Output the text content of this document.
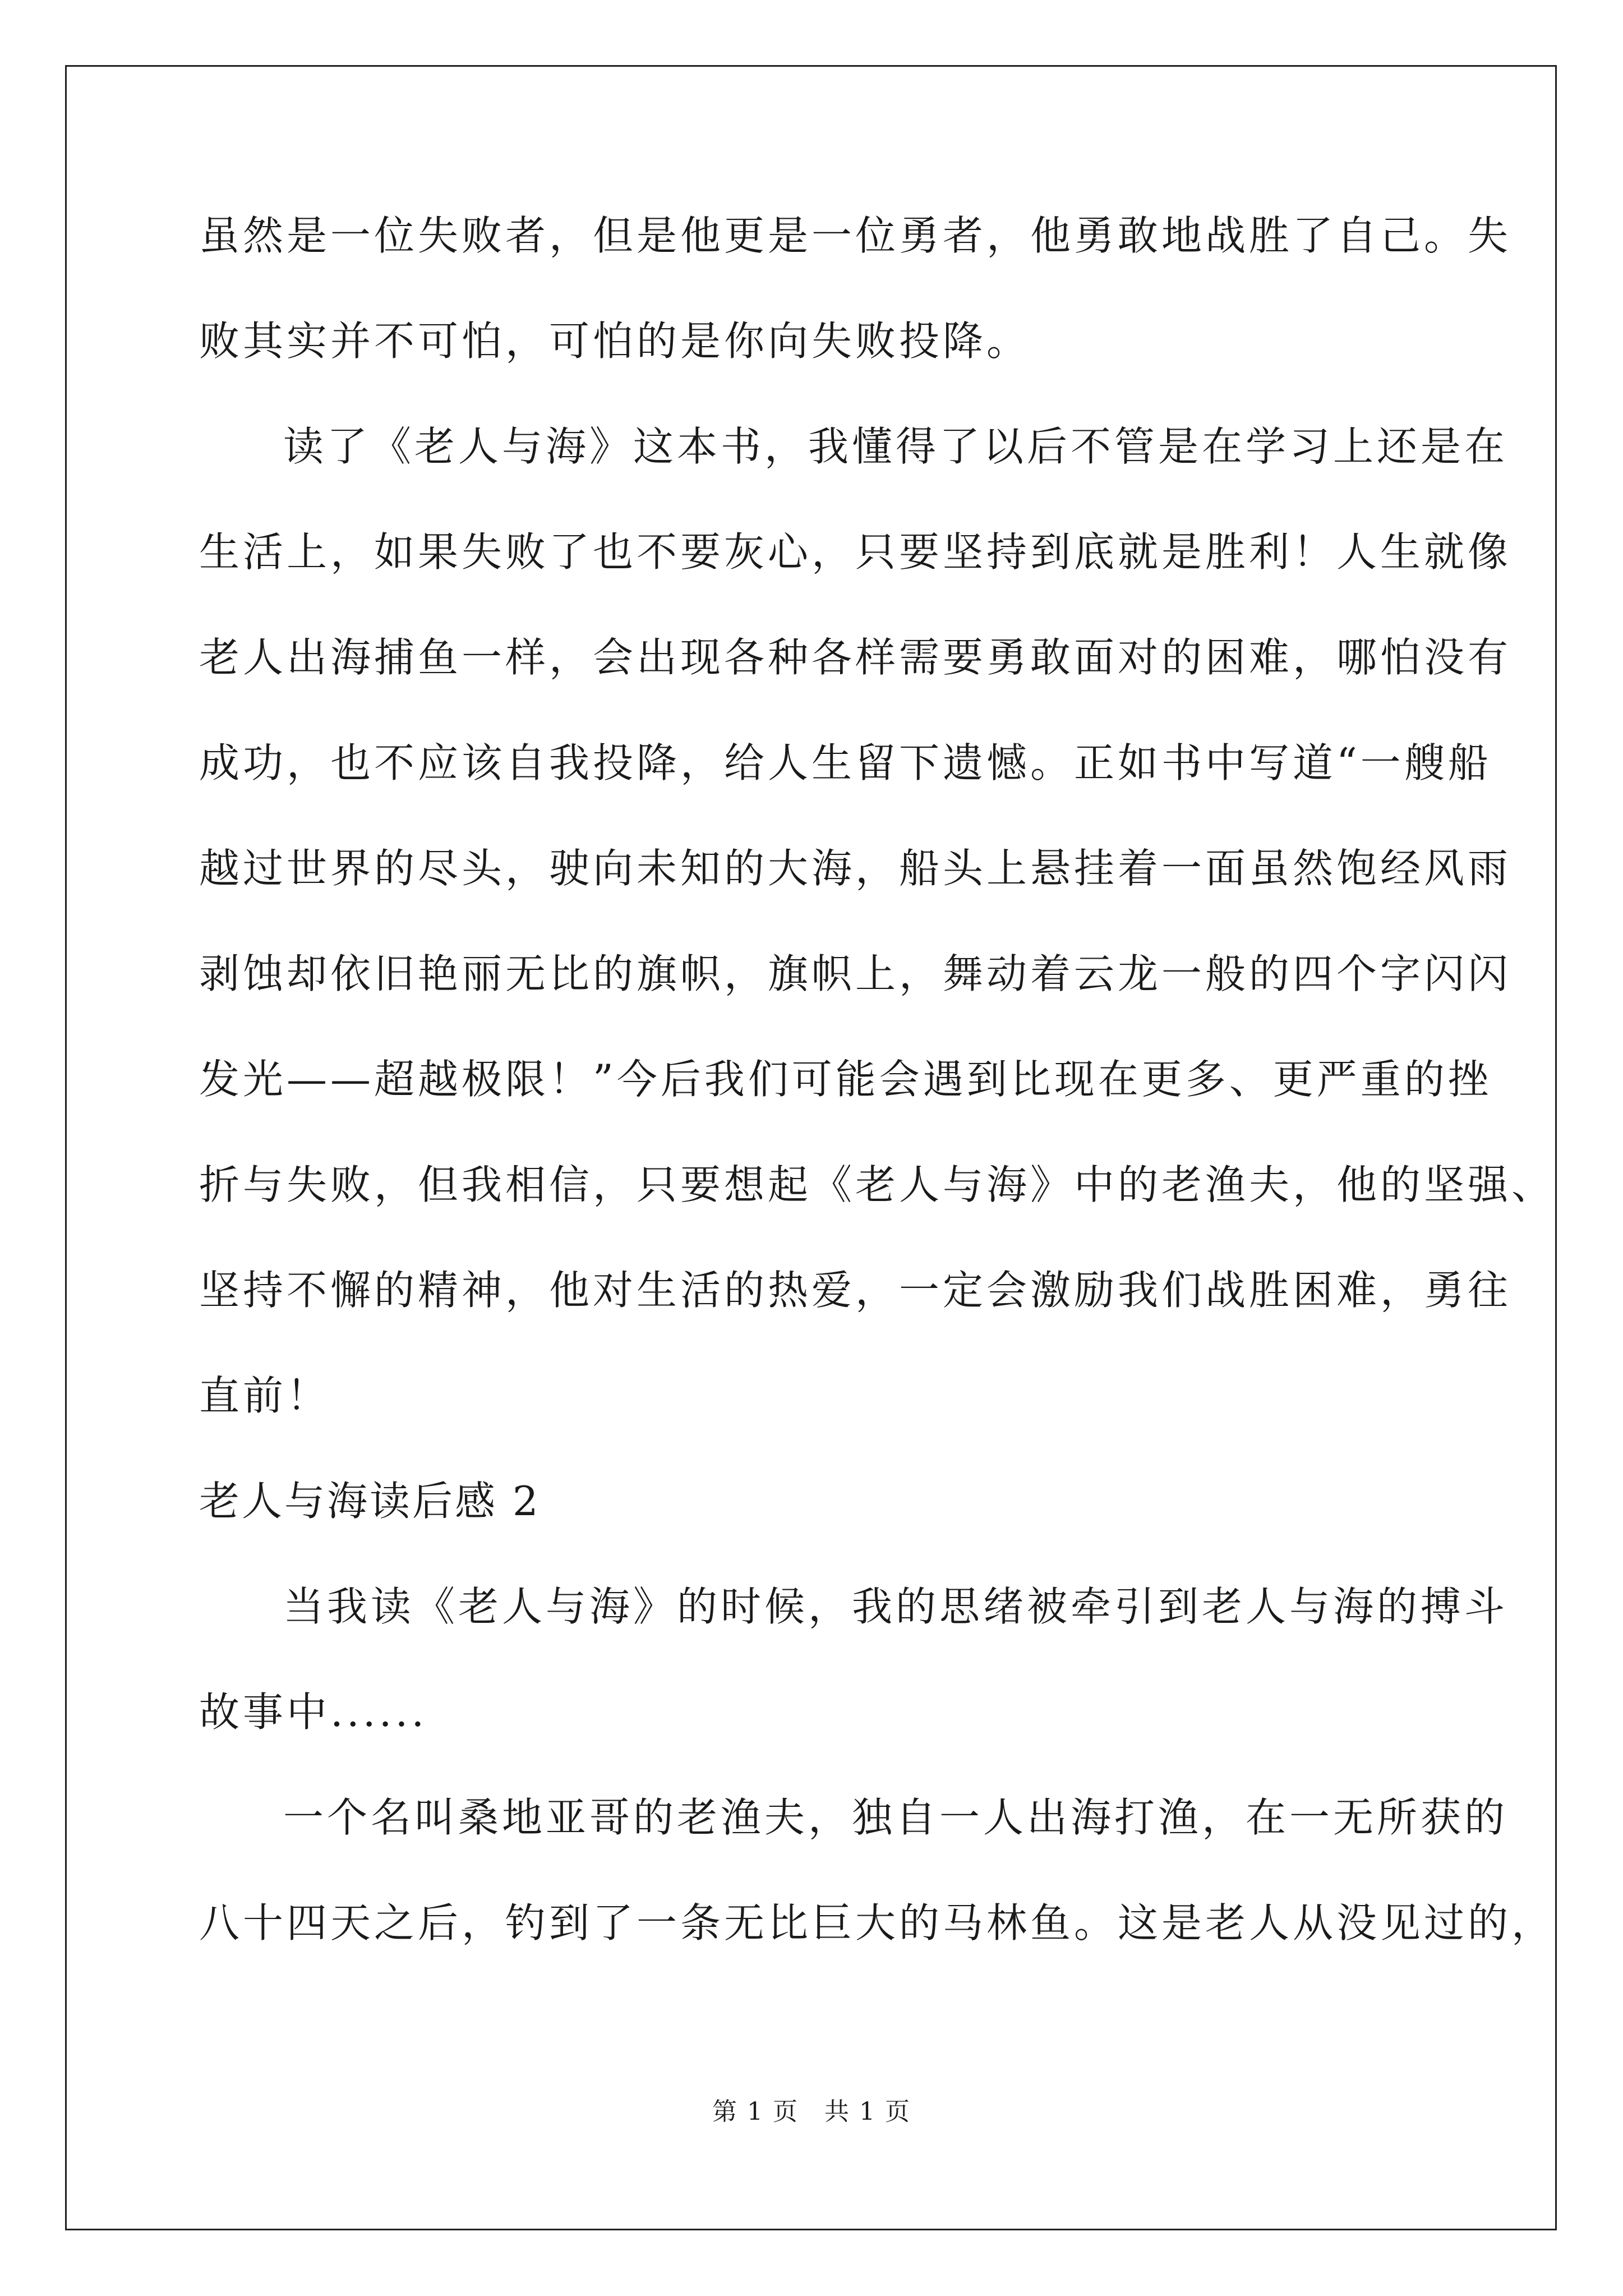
虽然是一位失败者，但是他更是一位勇者，他勇敢地战胜了自己。失
败其实并不可怕，可怕的是你向失败投降。
读了《老人与海》这本书，我懂得了以后不管是在学习上还是在
生活上，如果失败了也不要灰心，只要坚持到底就是胜利！人生就像
老人出海捕鱼一样，会出现各种各样需要勇敢面对的困难，哪怕没有
成功，也不应该自我投降，给人生留下遗憾。正如书中写道“一艘船
越过世界的尽头，驶向未知的大海，船头上悬挂着一面虽然饱经风雨
剥蚀却依旧艳丽无比的旗帜，旗帜上，舞动着云龙一般的四个字闪闪
发光——超越极限！”今后我们可能会遇到比现在更多、更严重的挫
折与失败，但我相信，只要想起《老人与海》中的老渔夫，他的坚强、
坚持不懈的精神，他对生活的热爱，一定会激励我们战胜困难，勇往
直前！
老人与海读后感 2
当我读《老人与海》的时候，我的思绪被牵引到老人与海的搏斗
故事中......
一个名叫桑地亚哥的老渔夫，独自一人出海打渔，在一无所获的
八十四天之后，钓到了一条无比巨大的马林鱼。这是老人从没见过的，
第 1 页　共 1 页
